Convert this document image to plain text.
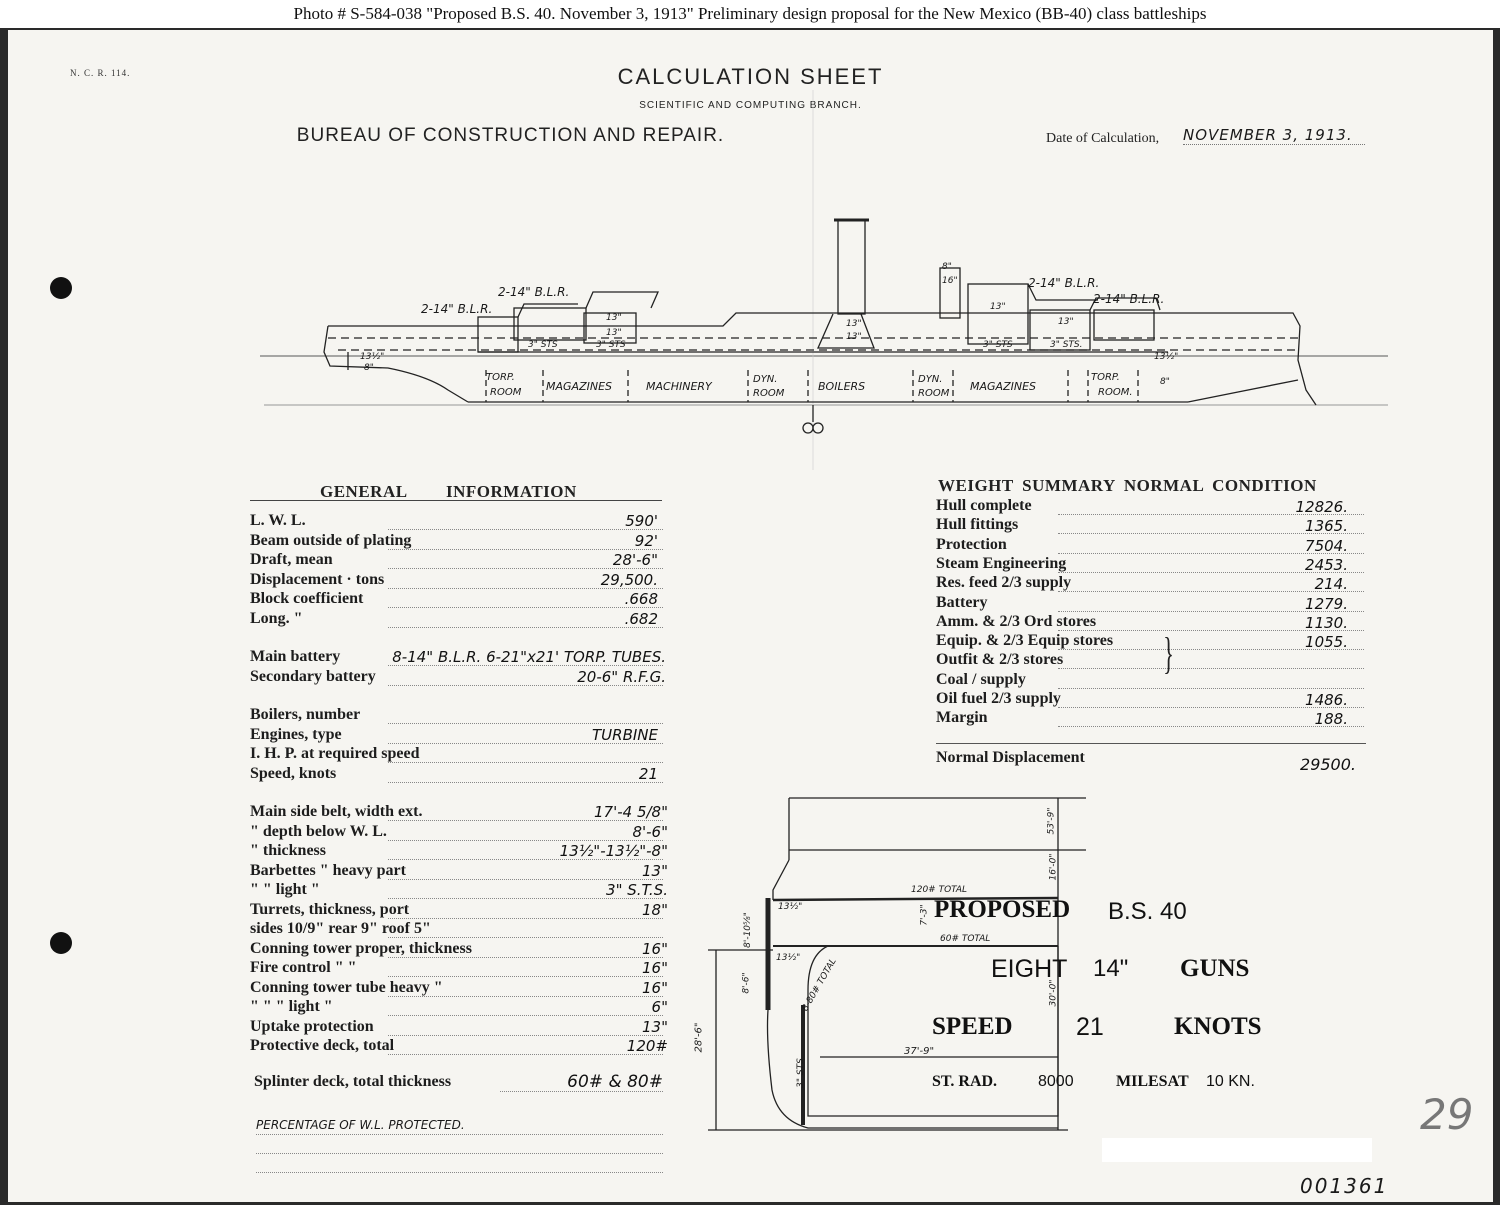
Photo # S-584-038 "Proposed B.S. 40. November 3, 1913" Preliminary design proposal for the New Mexico (BB-40) class battleships
N. C. R. 114.	CALCULATION SHEET
SCIENTIFIC AND COMPUTING BRANCH.
BUREAU OF CONSTRUCTION AND REPAIR.	Date of Calculation, NOVEMBER 3, 1913.
2-14" B.L.R.
2-14" B.L.R.
2-14" B.L.R.
2-14" B.L.R.
TORP.
ROOM MAGAZINES	MACHINERY
DYN.
ROOM
BOILERS
DYN.
ROOM
MAGAZINES
TORP.
ROOM.
3" STS	3" STS	3" STS	3" STS.
13"
13"
13"
13"
13"
13"
16"
8"
13½"
8"
13½"
8"
GENERAL INFORMATION
L. W. L.	590'
Beam outside of plating	92'
Draft, mean	28'-6"
Displacement · tons	29,500.
Block coefficient	.668
Long. "	.682
Main battery	8-14" B.L.R. 6-21"x21' TORP. TUBES.
Secondary battery	20-6" R.F.G.
Boilers, number
Engines, type	TURBINE
I. H. P. at required speed
Speed, knots	21
Main side belt, width ext.	17'-4 5/8"
" depth below W. L.	8'-6"
" thickness	13½"-13½"-8"
Barbettes " heavy part	13"
" " light "	3" S.T.S.
Turrets, thickness, port	18"
sides 10/9" rear 9" roof 5"
Conning tower proper, thickness	16"
Fire control " "	16"
Conning tower tube heavy "	16"
" " " light "	6"
Uptake protection	13"
Protective deck, total	120#
Splinter deck, total thickness	60# & 80#
PERCENTAGE OF W.L. PROTECTED.
WEIGHT SUMMARY NORMAL CONDITION
Hull complete	12826.
Hull fittings	1365.
Protection	7504.
Steam Engineering	2453.
Res. feed 2/3 supply	214.
Battery	1279.
Amm. & 2/3 Ord stores	1130.
Equip. & 2/3 Equip stores	1055.
Outfit & 2/3 stores
Coal / supply
Oil fuel 2/3 supply	1486.
Margin	188.
}
Normal Displacement	29500.
120# TOTAL
60# TOTAL
8-80# TOTAL
13½"
13½"
8'-10⅝"
8'-6"
28'-6"
7'-3"
53'-9"
16'-0"
30'-0"
37'-9"
3" STS
PROPOSED B.S. 40
EIGHT 14" GUNS
SPEED	21	KNOTS
ST. RAD.	8000	MILESAT 10 KN.
29
001361
